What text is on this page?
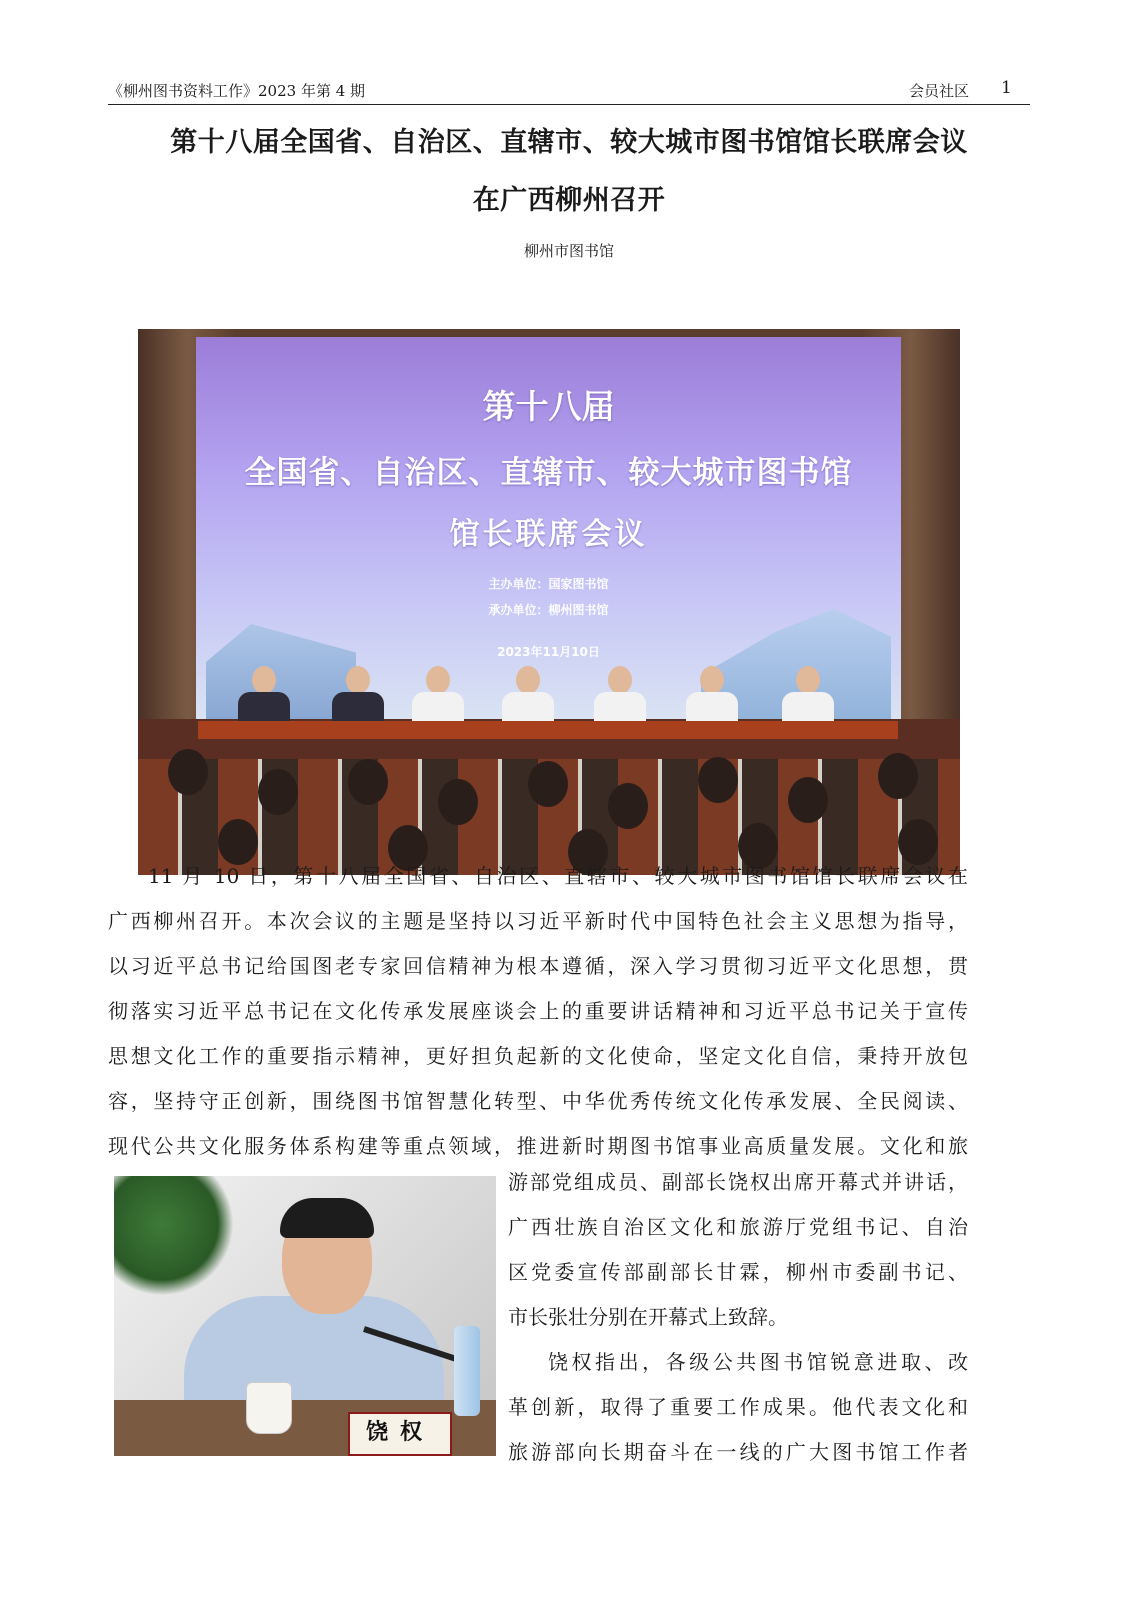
《柳州图书资料工作》2023 年第 4 期	会员社区 1
第十八届全国省、自治区、直辖市、较大城市图书馆馆长联席会议
在广西柳州召开
柳州市图书馆
第十八届
全国省、自治区、直辖市、较大城市图书馆
馆长联席会议
主办单位：国家图书馆
承办单位：柳州图书馆
2023年11月10日
11 月 10 日，第十八届全国省、自治区、直辖市、较大城市图书馆馆长联席会议在
广西柳州召开。本次会议的主题是坚持以习近平新时代中国特色社会主义思想为指导，
以习近平总书记给国图老专家回信精神为根本遵循，深入学习贯彻习近平文化思想，贯
彻落实习近平总书记在文化传承发展座谈会上的重要讲话精神和习近平总书记关于宣传
思想文化工作的重要指示精神，更好担负起新的文化使命，坚定文化自信，秉持开放包
容，坚持守正创新，围绕图书馆智慧化转型、中华优秀传统文化传承发展、全民阅读、
现代公共文化服务体系构建等重点领域，推进新时期图书馆事业高质量发展。文化和旅
饶权
游部党组成员、副部长饶权出席开幕式并讲话，
广西壮族自治区文化和旅游厅党组书记、自治
区党委宣传部副部长甘霖，柳州市委副书记、
市长张壮分别在开幕式上致辞。
饶权指出，各级公共图书馆锐意进取、改
革创新，取得了重要工作成果。他代表文化和
旅游部向长期奋斗在一线的广大图书馆工作者
